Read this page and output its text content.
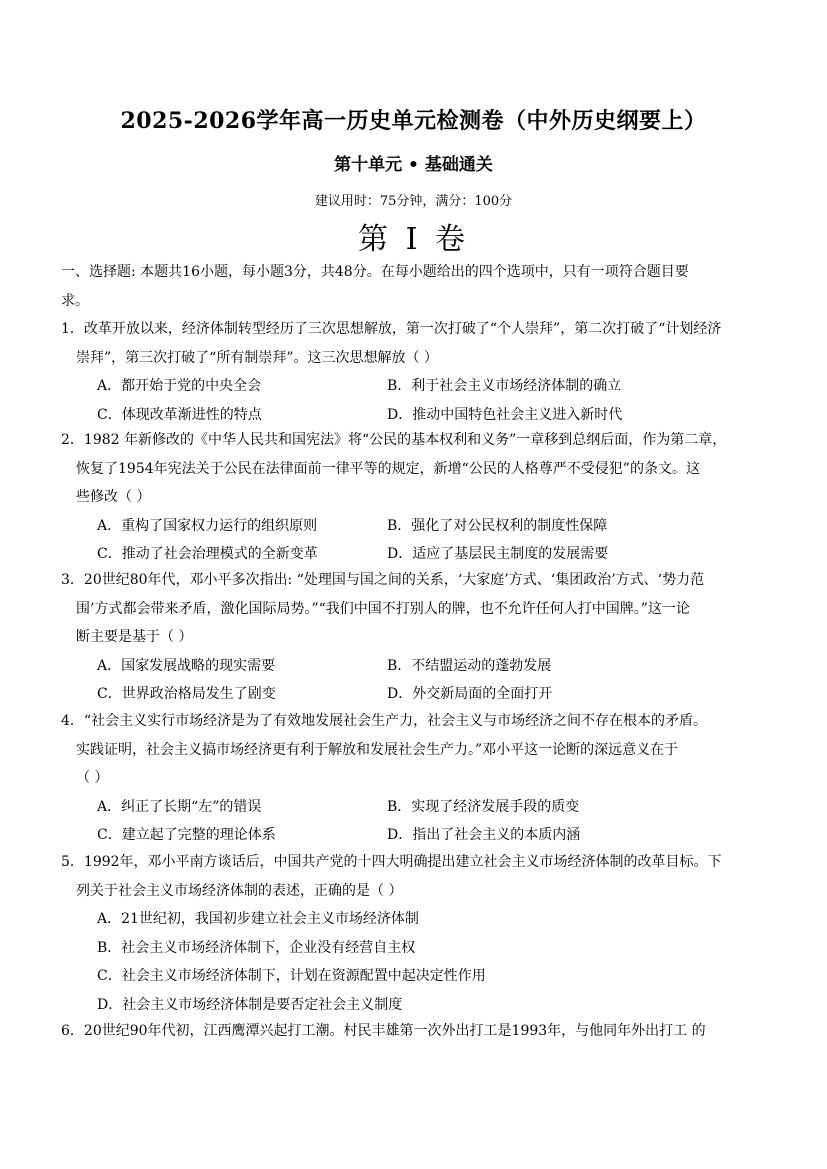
2025-2026学年高一历史单元检测卷（中外历史纲要上）
第十单元 • 基础通关
建议用时：75分钟，满分：100分
第 I 卷
一、选择题: 本题共16小题，每小题3分，共48分。在每小题给出的四个选项中，只有一项符合题目要
求。
1．改革开放以来，经济体制转型经历了三次思想解放，第一次打破了“个人崇拜”，第二次打破了“计划经济
崇拜”，第三次打破了“所有制崇拜”。这三次思想解放（ ）
A．都开始于党的中央全会	B．利于社会主义市场经济体制的确立
C．体现改革渐进性的特点	D．推动中国特色社会主义进入新时代
2．1982 年新修改的《中华人民共和国宪法》将“公民的基本权利和义务”一章移到总纲后面，作为第二章，
恢复了1954年宪法关于公民在法律面前一律平等的规定，新增“公民的人格尊严不受侵犯”的条文。这
些修改（ ）
A．重构了国家权力运行的组织原则	B．强化了对公民权利的制度性保障
C．推动了社会治理模式的全新变革	D．适应了基层民主制度的发展需要
3．20世纪80年代，邓小平多次指出: “处理国与国之间的关系，‘大家庭’方式、‘集团政治’方式、‘势力范
围’方式都会带来矛盾，激化国际局势。”“我们中国不打别人的牌，也不允许任何人打中国牌。”这一论
断主要是基于（ ）
A．国家发展战略的现实需要	B．不结盟运动的蓬勃发展
C．世界政治格局发生了剧变	D．外交新局面的全面打开
4．“社会主义实行市场经济是为了有效地发展社会生产力，社会主义与市场经济之间不存在根本的矛盾。
实践证明，社会主义搞市场经济更有利于解放和发展社会生产力。”邓小平这一论断的深远意义在于
（ ）
A．纠正了长期“左”的错误	B．实现了经济发展手段的质变
C．建立起了完整的理论体系	D．指出了社会主义的本质内涵
5．1992年，邓小平南方谈话后，中国共产党的十四大明确提出建立社会主义市场经济体制的改革目标。下
列关于社会主义市场经济体制的表述，正确的是（ ）
A．21世纪初，我国初步建立社会主义市场经济体制
B．社会主义市场经济体制下，企业没有经营自主权
C．社会主义市场经济体制下，计划在资源配置中起决定性作用
D．社会主义市场经济体制是要否定社会主义制度
6．20世纪90年代初，江西鹰潭兴起打工潮。村民丰雄第一次外出打工是1993年，与他同年外出打工 的
